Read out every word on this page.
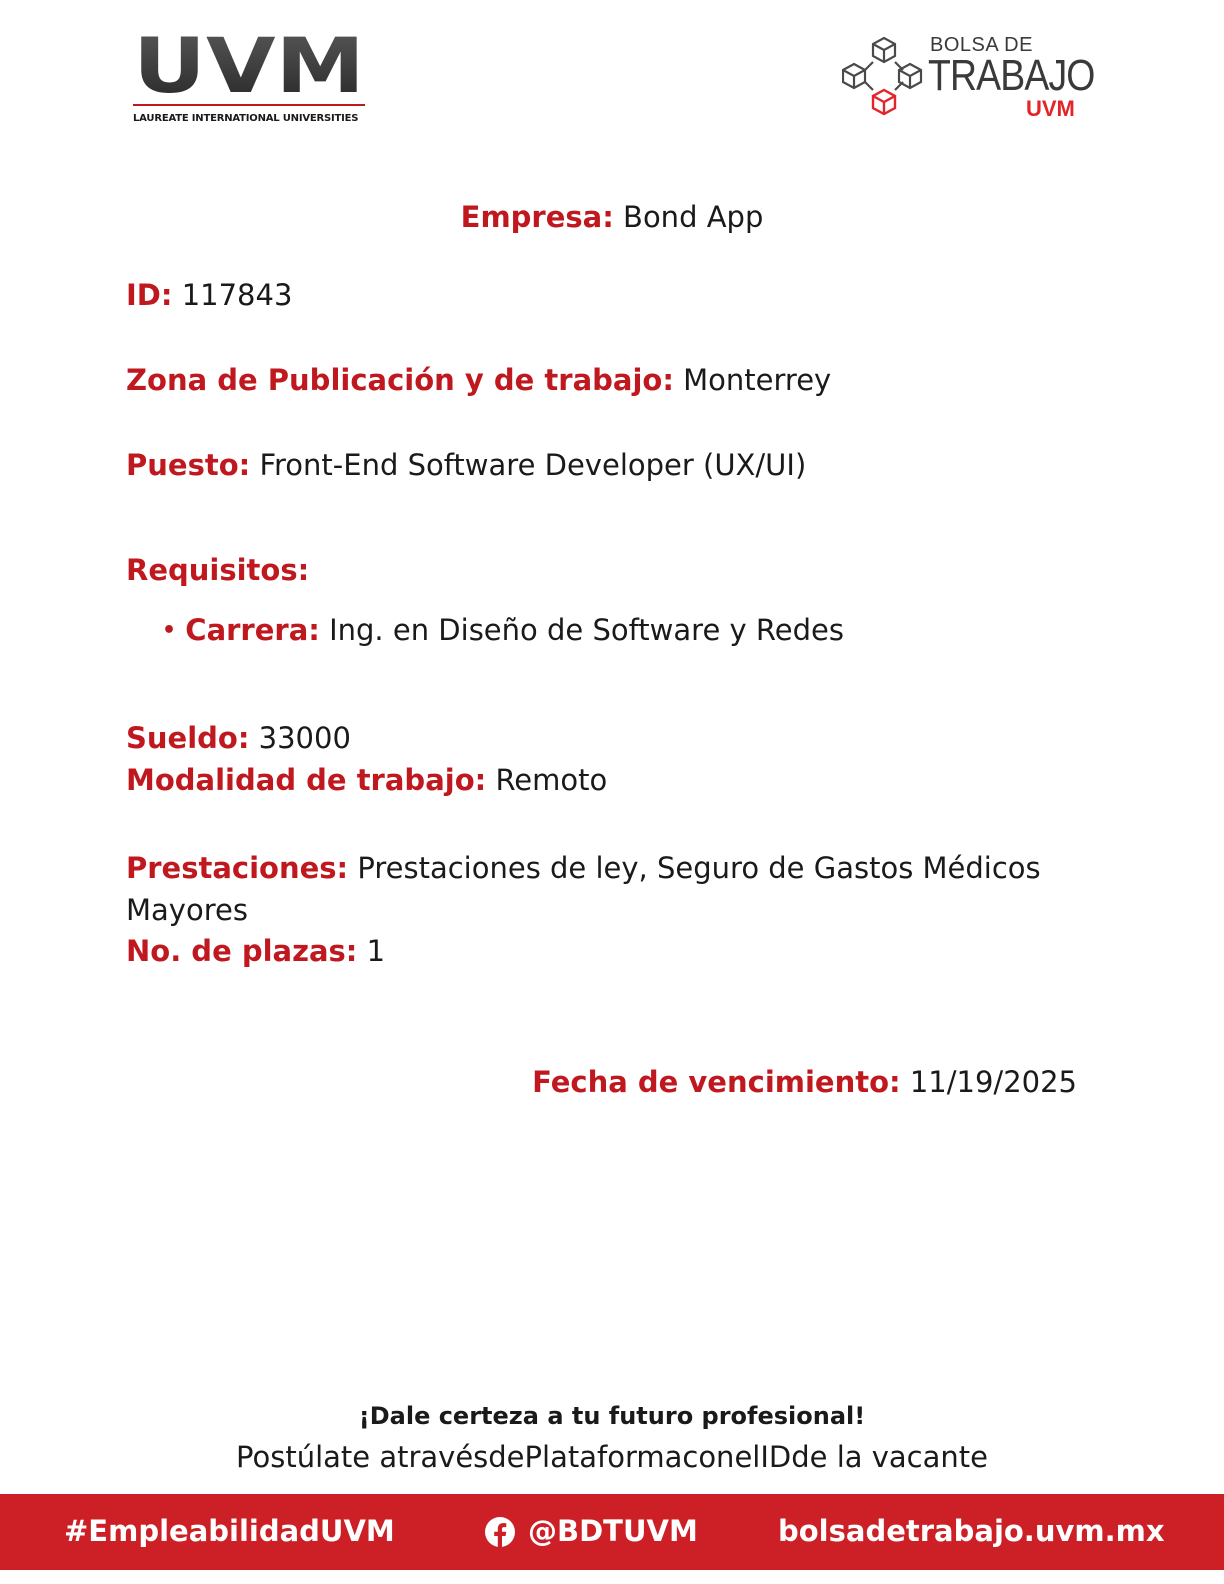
UVM
LAUREATE INTERNATIONAL UNIVERSITIES
BOLSA DE
TRABAJO
UVM
Empresa: Bond App
ID: 117843
Zona de Publicación y de trabajo: Monterrey
Puesto: Front-End Software Developer (UX/UI)
Requisitos:
• Carrera: Ing. en Diseño de Software y Redes
Sueldo: 33000
Modalidad de trabajo: Remoto
Prestaciones: Prestaciones de ley, Seguro de Gastos Médicos
Mayores
No. de plazas: 1
Fecha de vencimiento: 11/19/2025
¡Dale certeza a tu futuro profesional!
Postúlate atravésdePlataformaconelIDde la vacante
#EmpleabilidadUVM	@BDTUVM	bolsadetrabajo.uvm.mx
